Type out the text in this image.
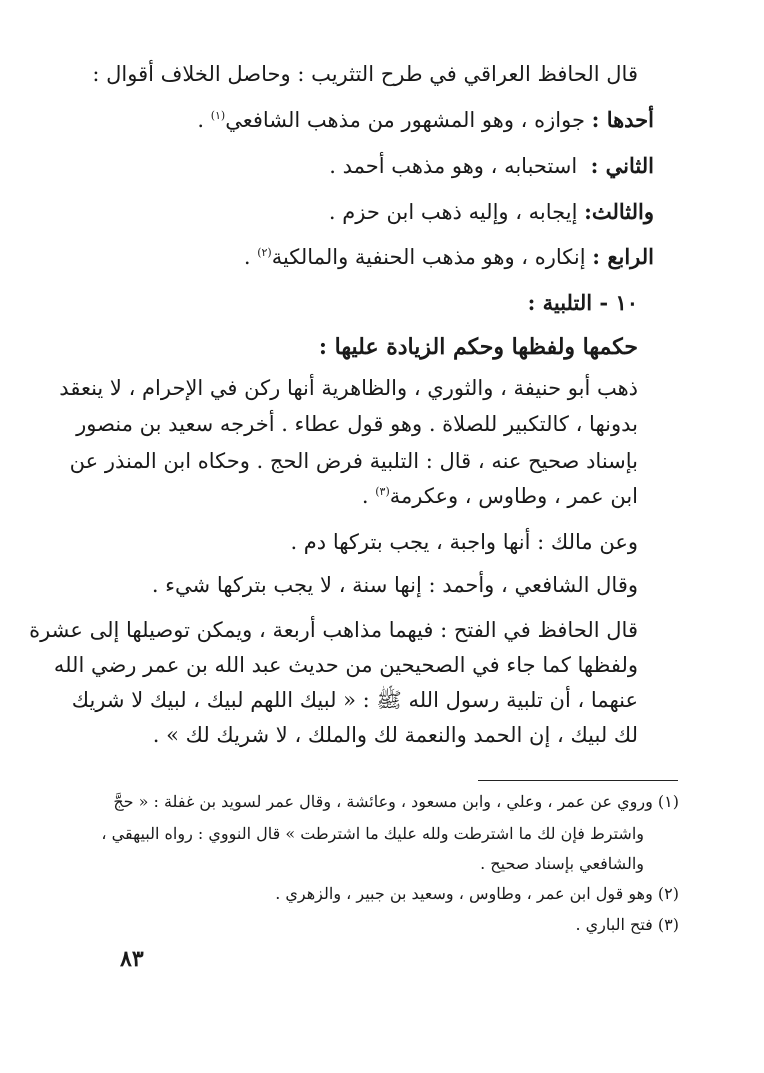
قال الحافظ العراقي في طرح التثريب : وحاصل الخلاف أقوال :
أحدها : جوازه ، وهو المشهور من مذهب الشافعي$^{(١)}$ .
الثاني :  استحبابه ، وهو مذهب أحمد .
والثالث: إيجابه ، وإليه ذهب ابن حزم .
الرابع : إنكاره ، وهو مذهب الحنفية والمالكية$^{(٢)}$ .
١٠ - التلبية :
حكمها ولفظها وحكم الزيادة عليها :
ذهب أبو حنيفة ، والثوري ، والظاهرية أنها ركن في الإحرام ، لا ينعقد
بدونها ، كالتكبير للصلاة . وهو قول عطاء . أخرجه سعيد بن منصور
بإسناد صحيح عنه ، قال : التلبية فرض الحج . وحكاه ابن المنذر عن
ابن عمر ، وطاوس ، وعكرمة$^{(٣)}$ .
وعن مالك : أنها واجبة ، يجب بتركها دم .
وقال الشافعي ، وأحمد : إنها سنة ، لا يجب بتركها شيء .
قال الحافظ في الفتح : فيهما مذاهب أربعة ، ويمكن توصيلها إلى عشرة
ولفظها كما جاء في الصحيحين من حديث عبد الله بن عمر رضي الله
عنهما ، أن تلبية رسول الله ﷺ : « لبيك اللهم لبيك ، لبيك لا شريك
لك لبيك ، إن الحمد والنعمة لك والملك ، لا شريك لك » .
(١) وروي عن عمر ، وعلي ، وابن مسعود ، وعائشة ، وقال عمر لسويد بن غفلة : « حجَّ
واشترط فإن لك ما اشترطت ولله عليك ما اشترطت » قال النووي : رواه البيهقي ،
والشافعي بإسناد صحيح .
(٢) وهو قول ابن عمر ، وطاوس ، وسعيد بن جبير ، والزهري .
(٣) فتح الباري .
٨٣
